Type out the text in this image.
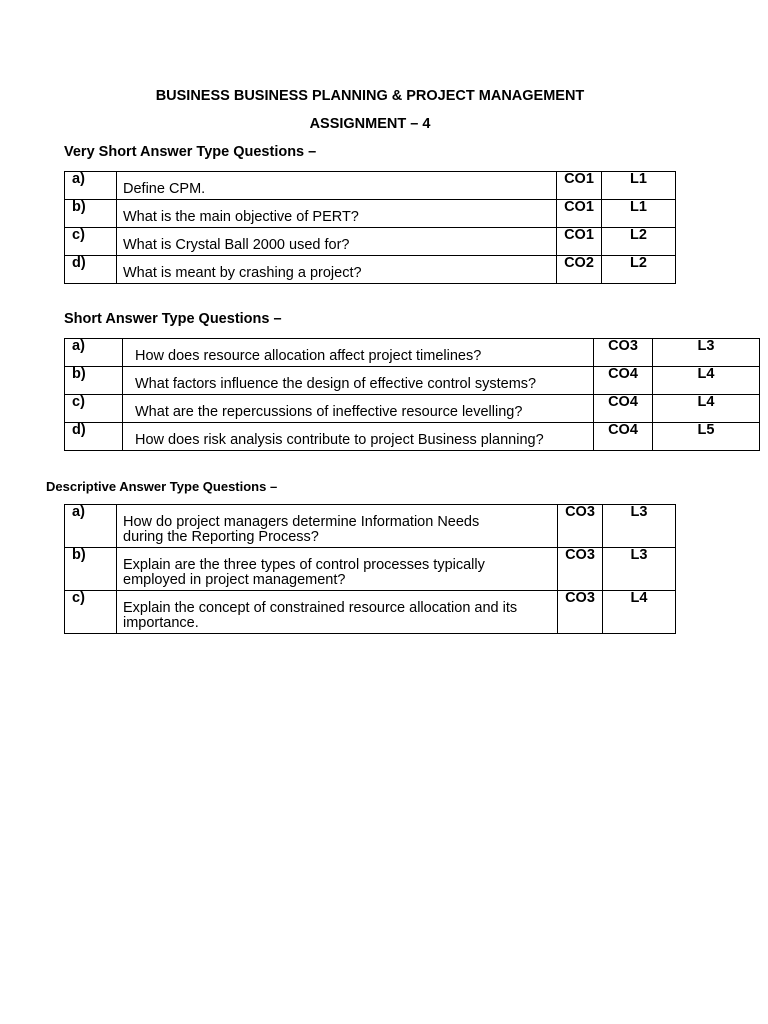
BUSINESS BUSINESS PLANNING & PROJECT MANAGEMENT
ASSIGNMENT – 4
Very Short Answer Type Questions –
a)	Define CPM.	CO1	L1
b)	What is the main objective of PERT?	CO1	L1
c)	What is Crystal Ball 2000 used for?	CO1	L2
d)	What is meant by crashing a project?	CO2	L2
Short Answer Type Questions –
a)	How does resource allocation affect project timelines?	CO3	L3
b)	What factors influence the design of effective control systems?	CO4	L4
c)	What are the repercussions of ineffective resource levelling?	CO4	L4
d)	How does risk analysis contribute to project Business planning?	CO4	L5
Descriptive Answer Type Questions –
a)	How do project managers determine Information Needs
during the Reporting Process?	CO3	L3
b)	Explain are the three types of control processes typically
employed in project management?	CO3	L3
c)	Explain the concept of constrained resource allocation and its
importance.	CO3	L4
